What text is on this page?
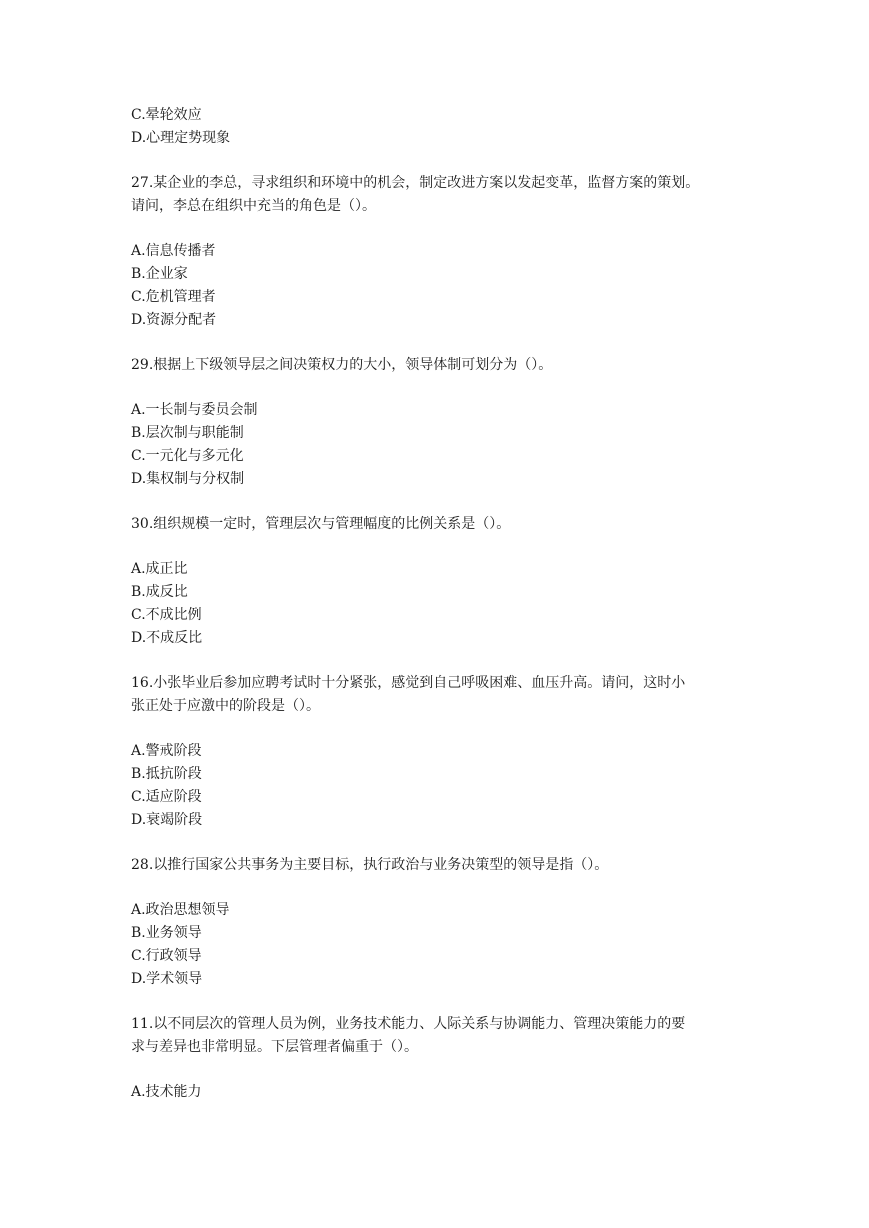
C.晕轮效应
D.心理定势现象
27.某企业的李总，寻求组织和环境中的机会，制定改进方案以发起变革，监督方案的策划。
请问，李总在组织中充当的角色是（）。
A.信息传播者
B.企业家
C.危机管理者
D.资源分配者
29.根据上下级领导层之间决策权力的大小，领导体制可划分为（）。
A.一长制与委员会制
B.层次制与职能制
C.一元化与多元化
D.集权制与分权制
30.组织规模一定时，管理层次与管理幅度的比例关系是（）。
A.成正比
B.成反比
C.不成比例
D.不成反比
16.小张毕业后参加应聘考试时十分紧张，感觉到自己呼吸困难、血压升高。请问，这时小
张正处于应激中的阶段是（）。
A.警戒阶段
B.抵抗阶段
C.适应阶段
D.衰竭阶段
28.以推行国家公共事务为主要目标，执行政治与业务决策型的领导是指（）。
A.政治思想领导
B.业务领导
C.行政领导
D.学术领导
11.以不同层次的管理人员为例，业务技术能力、人际关系与协调能力、管理决策能力的要
求与差异也非常明显。下层管理者偏重于（）。
A.技术能力
